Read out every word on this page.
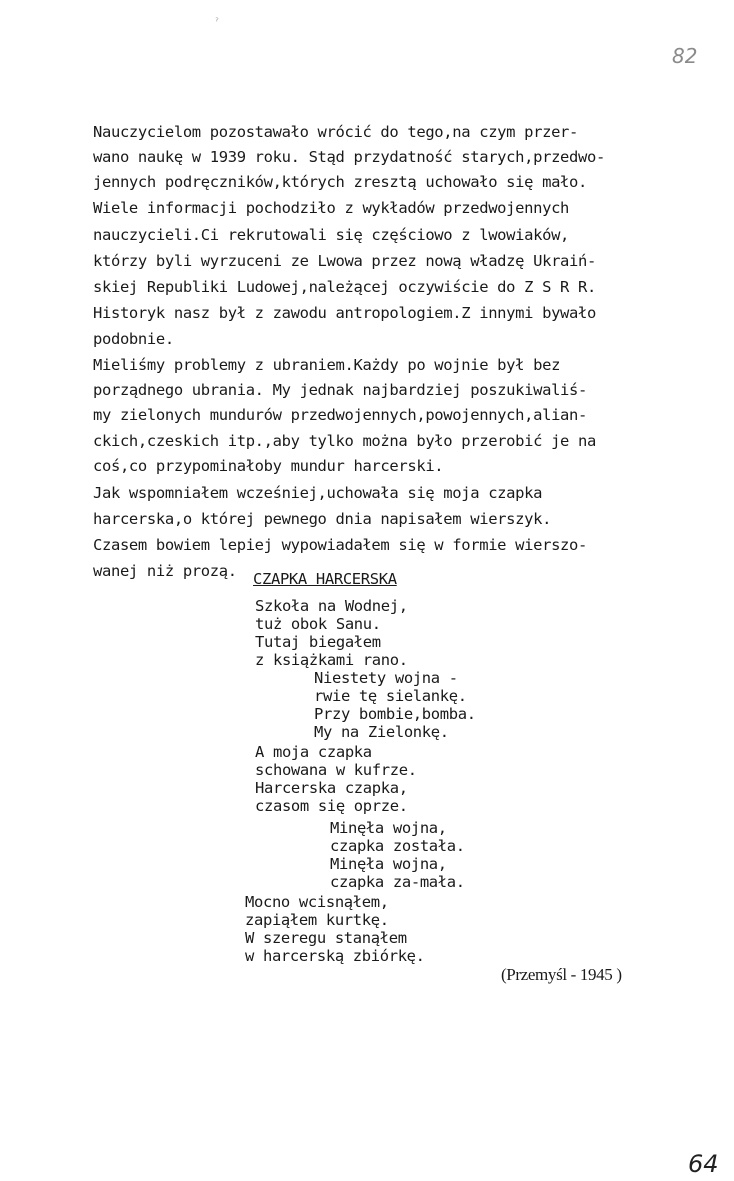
ˀ
82
Nauczycielom pozostawało wrócić do tego,na czym przer-
wano naukę w 1939 roku. Stąd przydatność starych,przedwo-
jennych podręczników,których zresztą uchowało się mało.
Wiele informacji pochodziło z wykładów przedwojennych
nauczycieli.Ci rekrutowali się częściowo z lwowiaków,
którzy byli wyrzuceni ze Lwowa przez nową władzę Ukraiń-
skiej Republiki Ludowej,należącej oczywiście do Z S R R.
Historyk nasz był z zawodu antropologiem.Z innymi bywało
podobnie.
Mieliśmy problemy z ubraniem.Każdy po wojnie był bez
porządnego ubrania. My jednak najbardziej poszukiwaliś-
my zielonych mundurów przedwojennych,powojennych,alian-
ckich,czeskich itp.,aby tylko można było przerobić je na
coś,co przypominałoby mundur harcerski.
Jak wspomniałem wcześniej,uchowała się moja czapka
harcerska,o której pewnego dnia napisałem wierszyk.
Czasem bowiem lepiej wypowiadałem się w formie wierszo-
wanej niż prozą. CZAPKA HARCERSKA
Szkoła na Wodnej,
tuż obok Sanu.
Tutaj biegałem
z książkami rano.
Niestety wojna -
rwie tę sielankę.
Przy bombie,bomba.
My na Zielonkę.
A moja czapka
schowana w kufrze.
Harcerska czapka,
czasom się oprze.
Minęła wojna,
czapka została.
Minęła wojna,
czapka za-mała.
Mocno wcisnąłem,
zapiąłem kurtkę.
W szeregu stanąłem
w harcerską zbiórkę.

(Przemyśl - 1945 )

64
